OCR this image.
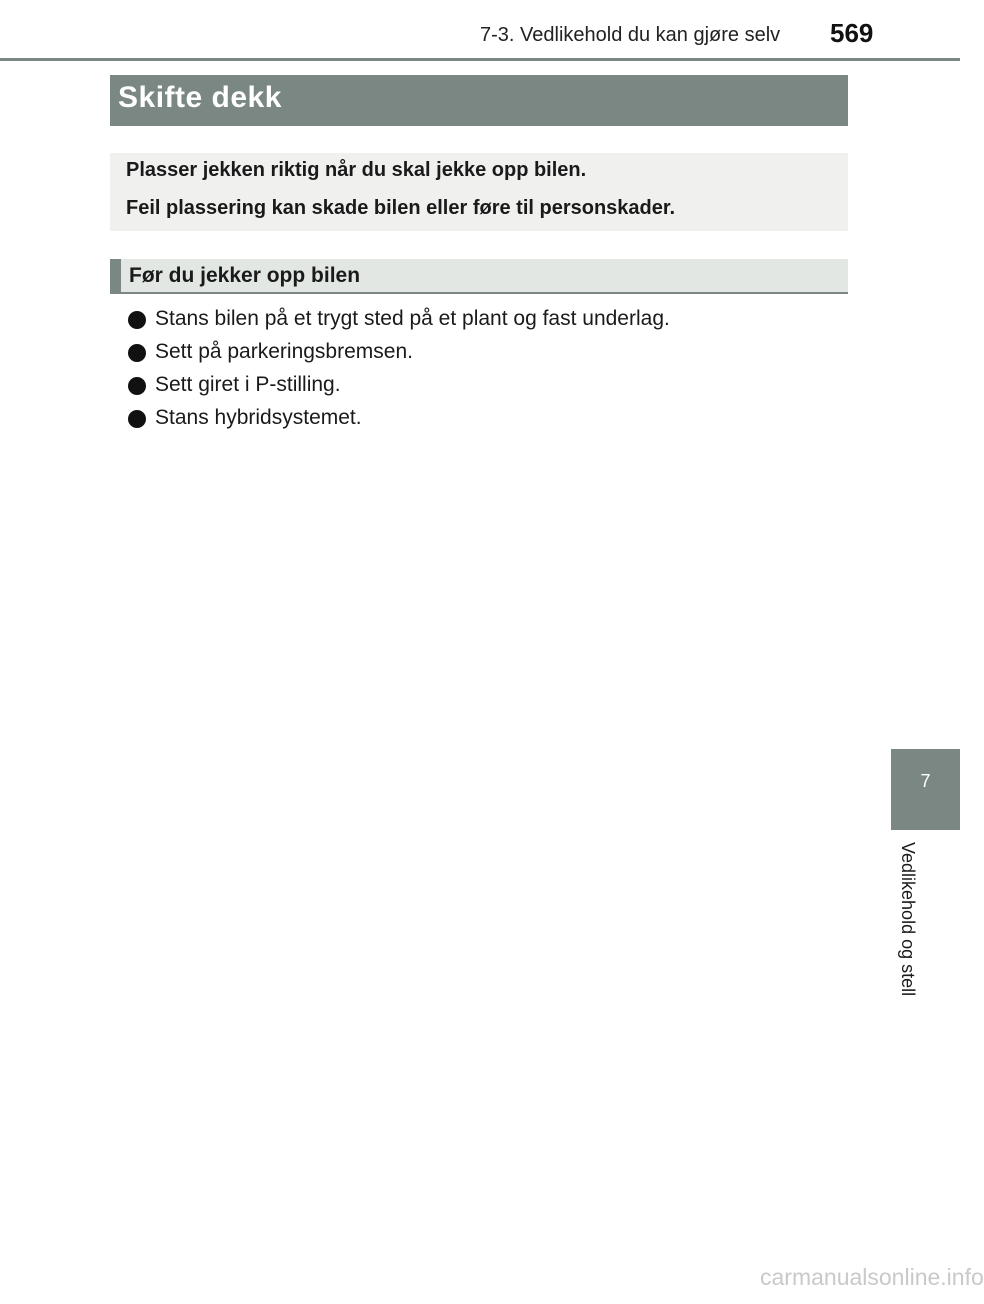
7-3. Vedlikehold du kan gjøre selv 569
Skifte dekk
Plasser jekken riktig når du skal jekke opp bilen.
Feil plassering kan skade bilen eller føre til personskader.
Før du jekker opp bilen
Stans bilen på et trygt sted på et plant og fast underlag.
Sett på parkeringsbremsen.
Sett giret i P-stilling.
Stans hybridsystemet.
7
Vedlikehold og stell
carmanualsonline.info
